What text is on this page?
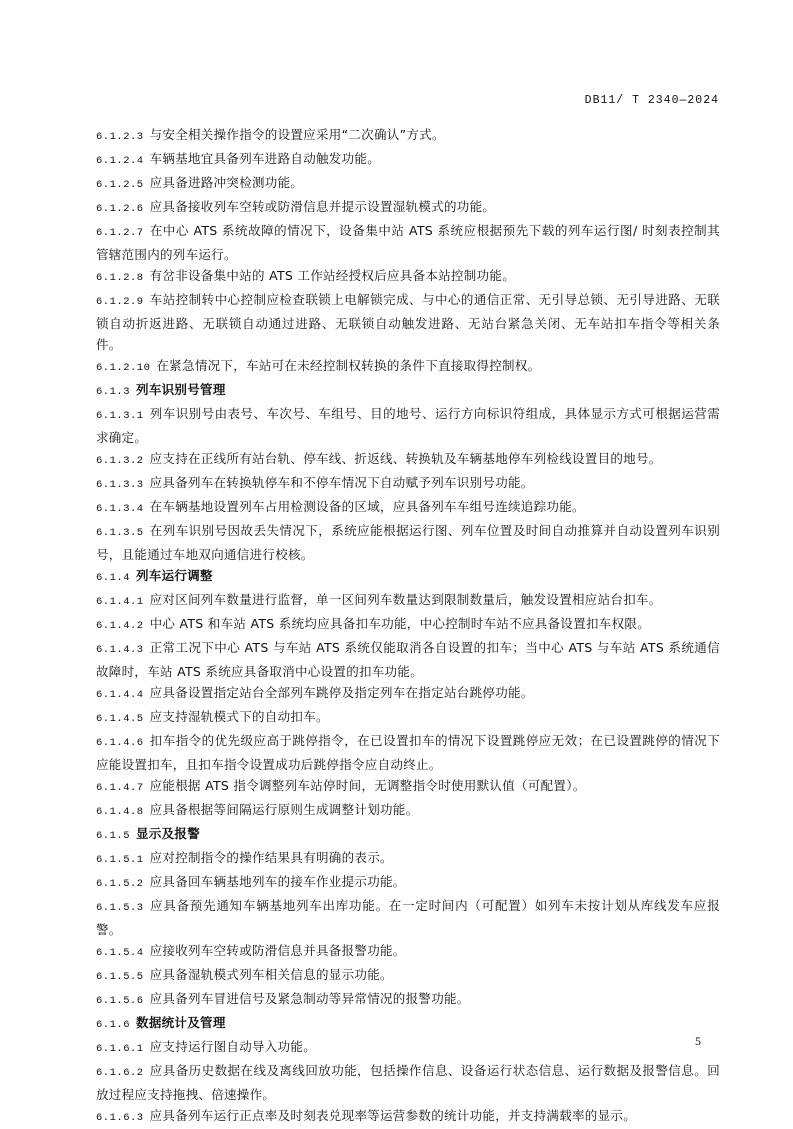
DB11/ T 2340—2024
6.1.2.3 与安全相关操作指令的设置应采用“二次确认”方式。
6.1.2.4 车辆基地宜具备列车进路自动触发功能。
6.1.2.5 应具备进路冲突检测功能。
6.1.2.6 应具备接收列车空转或防滑信息并提示设置湿轨模式的功能。
6.1.2.7 在中心 ATS 系统故障的情况下，设备集中站 ATS 系统应根据预先下载的列车运行图/ 时刻表控制其管辖范围内的列车运行。
6.1.2.8 有岔非设备集中站的 ATS 工作站经授权后应具备本站控制功能。
6.1.2.9 车站控制转中心控制应检查联锁上电解锁完成、与中心的通信正常、无引导总锁、无引导进路、无联锁自动折返进路、无联锁自动通过进路、无联锁自动触发进路、无站台紧急关闭、无车站扣车指令等相关条件。
6.1.2.10 在紧急情况下，车站可在未经控制权转换的条件下直接取得控制权。
6.1.3 列车识别号管理
6.1.3.1 列车识别号由表号、车次号、车组号、目的地号、运行方向标识符组成，具体显示方式可根据运营需求确定。
6.1.3.2 应支持在正线所有站台轨、停车线、折返线、转换轨及车辆基地停车列检线设置目的地号。
6.1.3.3 应具备列车在转换轨停车和不停车情况下自动赋予列车识别号功能。
6.1.3.4 在车辆基地设置列车占用检测设备的区域，应具备列车车组号连续追踪功能。
6.1.3.5 在列车识别号因故丢失情况下，系统应能根据运行图、列车位置及时间自动推算并自动设置列车识别号，且能通过车地双向通信进行校核。
6.1.4 列车运行调整
6.1.4.1 应对区间列车数量进行监督，单一区间列车数量达到限制数量后，触发设置相应站台扣车。
6.1.4.2 中心 ATS 和车站 ATS 系统均应具备扣车功能，中心控制时车站不应具备设置扣车权限。
6.1.4.3 正常工况下中心 ATS 与车站 ATS 系统仅能取消各自设置的扣车；当中心 ATS 与车站 ATS 系统通信故障时，车站 ATS 系统应具备取消中心设置的扣车功能。
6.1.4.4 应具备设置指定站台全部列车跳停及指定列车在指定站台跳停功能。
6.1.4.5 应支持湿轨模式下的自动扣车。
6.1.4.6 扣车指令的优先级应高于跳停指令，在已设置扣车的情况下设置跳停应无效；在已设置跳停的情况下应能设置扣车，且扣车指令设置成功后跳停指令应自动终止。
6.1.4.7 应能根据 ATS 指令调整列车站停时间，无调整指令时使用默认值（可配置）。
6.1.4.8 应具备根据等间隔运行原则生成调整计划功能。
6.1.5 显示及报警
6.1.5.1 应对控制指令的操作结果具有明确的表示。
6.1.5.2 应具备回车辆基地列车的接车作业提示功能。
6.1.5.3 应具备预先通知车辆基地列车出库功能。在一定时间内（可配置）如列车未按计划从库线发车应报警。
6.1.5.4 应接收列车空转或防滑信息并具备报警功能。
6.1.5.5 应具备湿轨模式列车相关信息的显示功能。
6.1.5.6 应具备列车冒进信号及紧急制动等异常情况的报警功能。
6.1.6 数据统计及管理
6.1.6.1 应支持运行图自动导入功能。
6.1.6.2 应具备历史数据在线及离线回放功能，包括操作信息、设备运行状态信息、运行数据及报警信息。回放过程应支持拖拽、倍速操作。
6.1.6.3 应具备列车运行正点率及时刻表兑现率等运营参数的统计功能，并支持满载率的显示。
5
